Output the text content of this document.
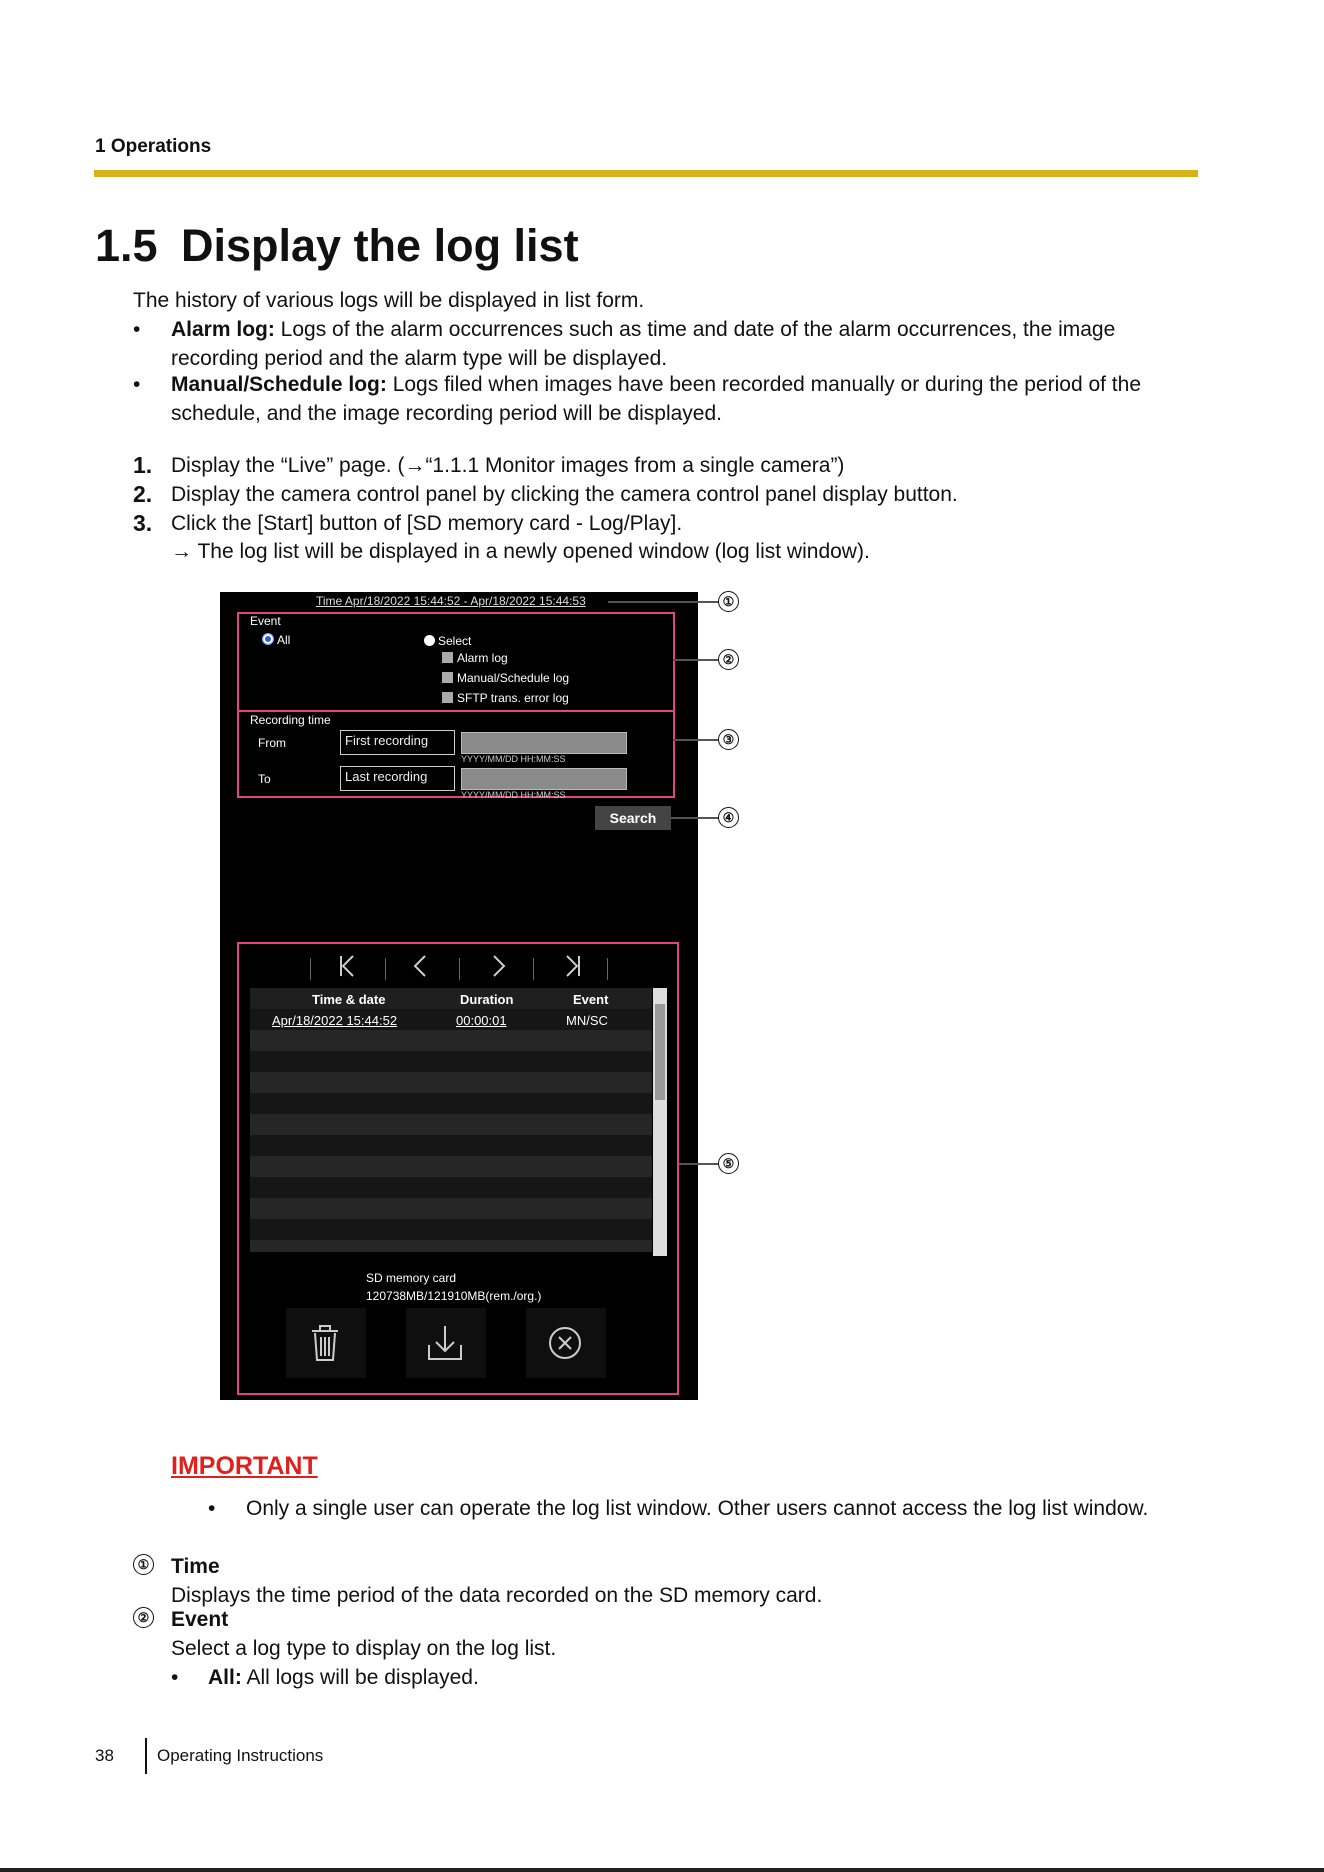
1 Operations
1.5 Display the log list
The history of various logs will be displayed in list form.
• Alarm log: Logs of the alarm occurrences such as time and date of the alarm occurrences, the image
recording period and the alarm type will be displayed.
• Manual/Schedule log: Logs filed when images have been recorded manually or during the period of the
schedule, and the image recording period will be displayed.
1. Display the “Live” page. (→“1.1.1 Monitor images from a single camera”)
2. Display the camera control panel by clicking the camera control panel display button.
3. Click the [Start] button of [SD memory card - Log/Play].
→ The log list will be displayed in a newly opened window (log list window).
Time Apr/18/2022 15:44:52 - Apr/18/2022 15:44:53
Event
All	Select
Alarm log
Manual/Schedule log
SFTP trans. error log
Recording time
From	First recording
YYYY/MM/DD HH:MM:SS
To	Last recording
YYYY/MM/DD HH:MM:SS
Search
Time & date	Duration	Event
Apr/18/2022 15:44:52	00:00:01	MN/SC
SD memory card
120738MB/121910MB(rem./org.)
①
②
③
④
⑤
IMPORTANT
• Only a single user can operate the log list window. Other users cannot access the log list window.
① Time
Displays the time period of the data recorded on the SD memory card.
② Event
Select a log type to display on the log list.
• All: All logs will be displayed.
38	Operating Instructions
